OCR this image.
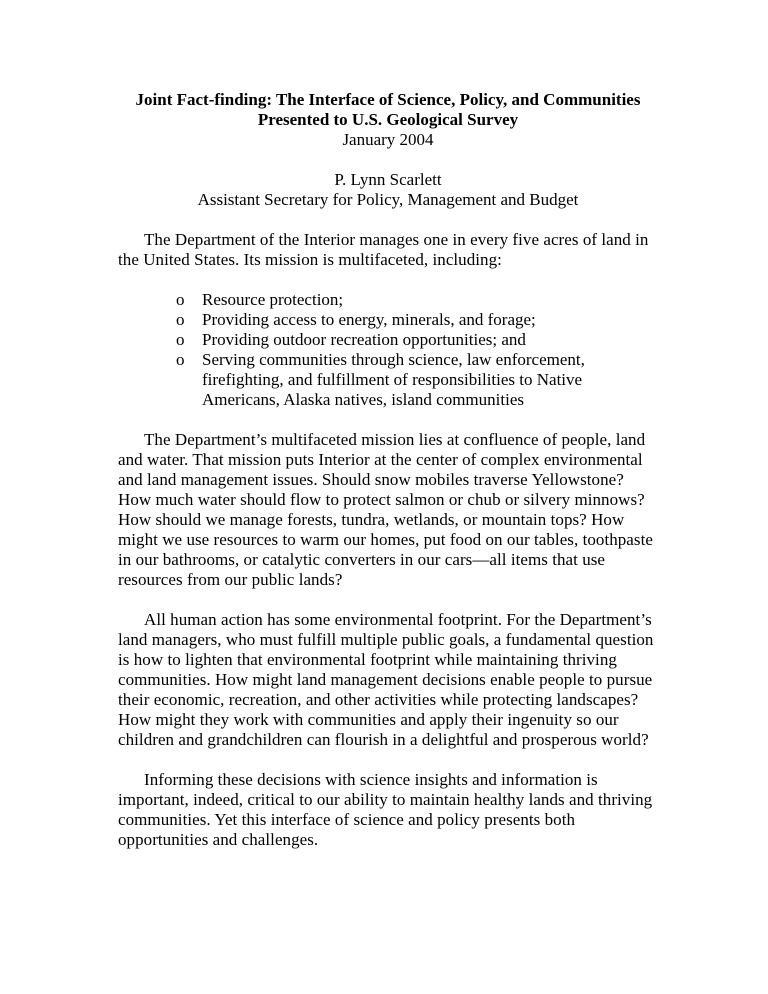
Joint Fact-finding: The Interface of Science, Policy, and Communities
Presented to U.S. Geological Survey
January 2004
P. Lynn Scarlett
Assistant Secretary for Policy, Management and Budget

The Department of the Interior manages one in every five acres of land in the United States. Its mission is multifaceted, including:

o Resource protection;
o Providing access to energy, minerals, and forage;
o Providing outdoor recreation opportunities; and
o Serving communities through science, law enforcement, firefighting, and fulfillment of responsibilities to Native Americans, Alaska natives, island communities

The Department’s multifaceted mission lies at confluence of people, land and water. That mission puts Interior at the center of complex environmental and land management issues. Should snow mobiles traverse Yellowstone? How much water should flow to protect salmon or chub or silvery minnows? How should we manage forests, tundra, wetlands, or mountain tops? How might we use resources to warm our homes, put food on our tables, toothpaste in our bathrooms, or catalytic converters in our cars—all items that use resources from our public lands?

All human action has some environmental footprint. For the Department’s land managers, who must fulfill multiple public goals, a fundamental question is how to lighten that environmental footprint while maintaining thriving communities. How might land management decisions enable people to pursue their economic, recreation, and other activities while protecting landscapes? How might they work with communities and apply their ingenuity so our children and grandchildren can flourish in a delightful and prosperous world?

Informing these decisions with science insights and information is important, indeed, critical to our ability to maintain healthy lands and thriving communities. Yet this interface of science and policy presents both opportunities and challenges.
